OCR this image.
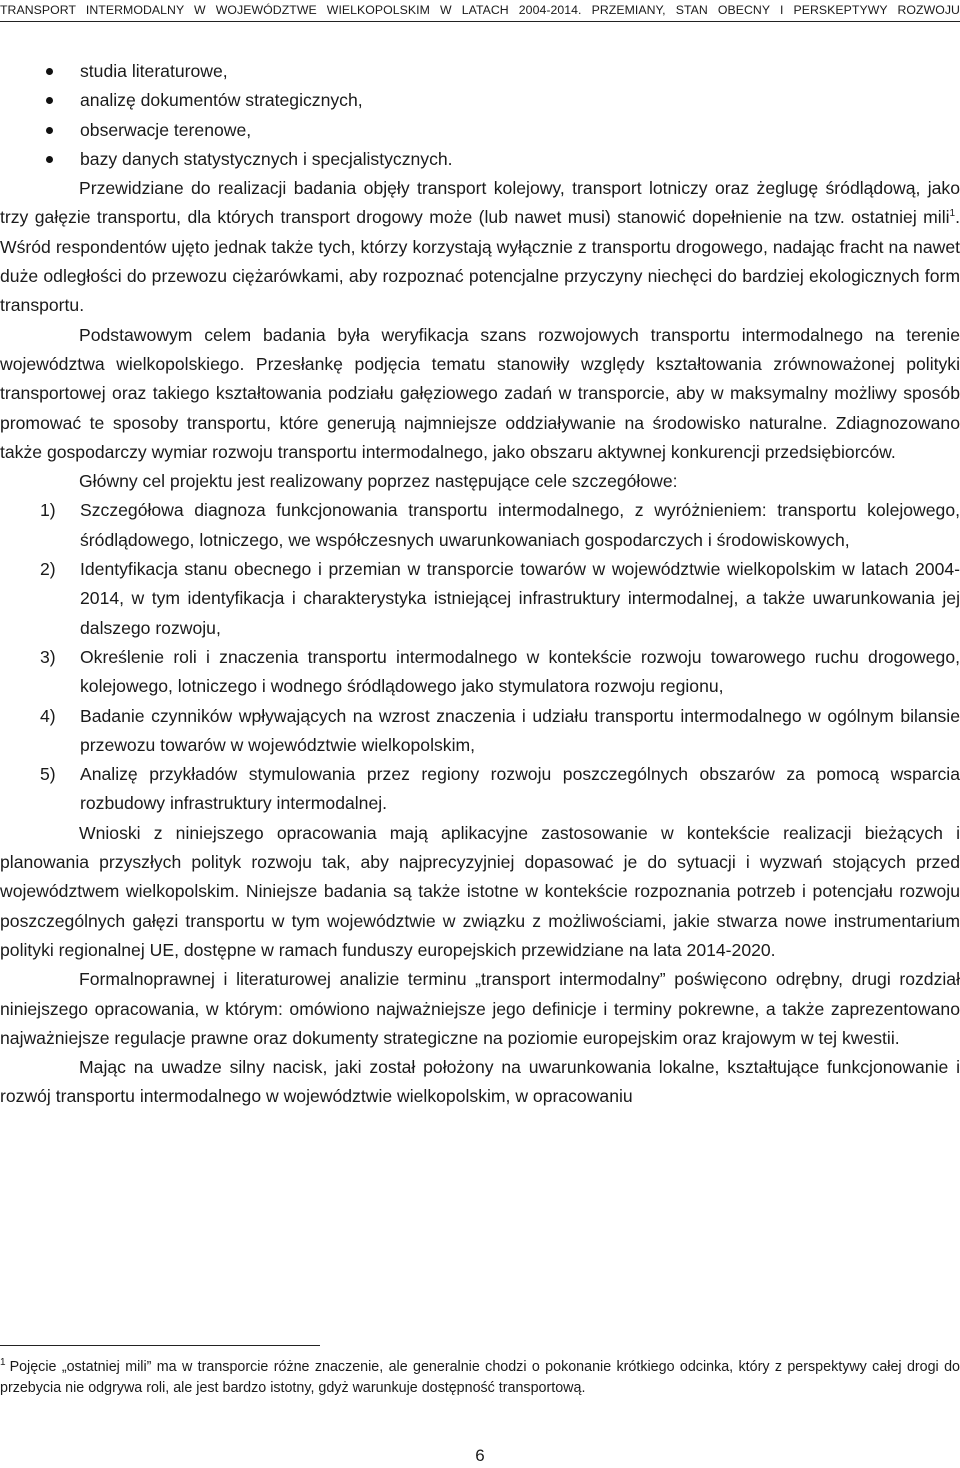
TRANSPORT INTERMODALNY W WOJEWÓDZTWE WIELKOPOLSKIM W LATACH 2004-2014. PRZEMIANY, STAN OBECNY I PERSKEPTYWY ROZWOJU
studia literaturowe,
analizę dokumentów strategicznych,
obserwacje terenowe,
bazy danych statystycznych i specjalistycznych.

Przewidziane do realizacji badania objęły transport kolejowy, transport lotniczy oraz żeglugę śródlądową, jako trzy gałęzie transportu, dla których transport drogowy może (lub nawet musi) stanowić dopełnienie na tzw. ostatniej mili$^1$. Wśród respondentów ujęto jednak także tych, którzy korzystają wyłącznie z transportu drogowego, nadając fracht na nawet duże odległości do przewozu ciężarówkami, aby rozpoznać potencjalne przyczyny niechęci do bardziej ekologicznych form transportu.

Podstawowym celem badania była weryfikacja szans rozwojowych transportu intermodalnego na terenie województwa wielkopolskiego. Przesłankę podjęcia tematu stanowiły względy kształtowania zrównoważonej polityki transportowej oraz takiego kształtowania podziału gałęziowego zadań w transporcie, aby w maksymalny możliwy sposób promować te sposoby transportu, które generują najmniejsze oddziaływanie na środowisko naturalne. Zdiagnozowano także gospodarczy wymiar rozwoju transportu intermodalnego, jako obszaru aktywnej konkurencji przedsiębiorców.

Główny cel projektu jest realizowany poprzez następujące cele szczegółowe:

1) Szczegółowa diagnoza funkcjonowania transportu intermodalnego, z wyróżnieniem: transportu kolejowego, śródlądowego, lotniczego, we współczesnych uwarunkowaniach gospodarczych i środowiskowych,
2) Identyfikacja stanu obecnego i przemian w transporcie towarów w województwie wielkopolskim w latach 2004-2014, w tym identyfikacja i charakterystyka istniejącej infrastruktury intermodalnej, a także uwarunkowania jej dalszego rozwoju,
3) Określenie roli i znaczenia transportu intermodalnego w kontekście rozwoju towarowego ruchu drogowego, kolejowego, lotniczego i wodnego śródlądowego jako stymulatora rozwoju regionu,
4) Badanie czynników wpływających na wzrost znaczenia i udziału transportu intermodalnego w ogólnym bilansie przewozu towarów w województwie wielkopolskim,
5) Analizę przykładów stymulowania przez regiony rozwoju poszczególnych obszarów za pomocą wsparcia rozbudowy infrastruktury intermodalnej.

Wnioski z niniejszego opracowania mają aplikacyjne zastosowanie w kontekście realizacji bieżących i planowania przyszłych polityk rozwoju tak, aby najprecyzyjniej dopasować je do sytuacji i wyzwań stojących przed województwem wielkopolskim. Niniejsze badania są także istotne w kontekście rozpoznania potrzeb i potencjału rozwoju poszczególnych gałęzi transportu w tym województwie w związku z możliwościami, jakie stwarza nowe instrumentarium polityki regionalnej UE, dostępne w ramach funduszy europejskich przewidziane na lata 2014-2020.

Formalnoprawnej i literaturowej analizie terminu „transport intermodalny” poświęcono odrębny, drugi rozdział niniejszego opracowania, w którym: omówiono najważniejsze jego definicje i terminy pokrewne, a także zaprezentowano najważniejsze regulacje prawne oraz dokumenty strategiczne na poziomie europejskim oraz krajowym w tej kwestii.

Mając na uwadze silny nacisk, jaki został położony na uwarunkowania lokalne, kształtujące funkcjonowanie i rozwój transportu intermodalnego w województwie wielkopolskim, w opracowaniu

$^1$ Pojęcie „ostatniej mili” ma w transporcie różne znaczenie, ale generalnie chodzi o pokonanie krótkiego odcinka, który z perspektywy całej drogi do przebycia nie odgrywa roli, ale jest bardzo istotny, gdyż warunkuje dostępność transportową.
6
